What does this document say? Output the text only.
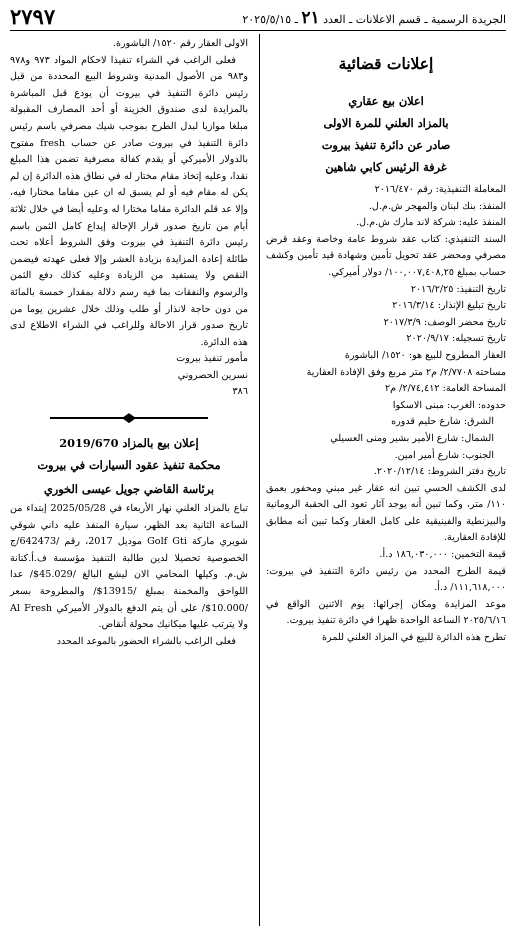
الجريدة الرسمية ـ قسم الاعلانات ـ العدد ٢١ ـ ٢٠٢٥/٥/١٥
٢٧٩٧
إعلانات قضائية
اعلان بيع عقاري
بالمزاد العلني للمرة الاولى
صادر عن دائرة تنفيذ بيروت
غرفة الرئيس كابي شاهين

المعاملة التنفيذية: رقم ٢٠١٦/٤٧٠

المنفذ: بنك لبنان والمهجر ش.م.ل.

المنفذ عليه: شركة لاند مارك ش.م.ل.

السند التنفيذي: كتاب عقد شروط عامة وخاصة وعقد قرض مصرفي ومحضر عقد تحويل تأمين وشهادة قيد تأمين وكشف حساب بمبلغ ١٠٠,٠٠٧,٤٠٨,٢٥/ دولار أميركي.

تاريخ التنفيذ: ٢٠١٦/٢/٢٥

تاريخ تبليغ الإنذار: ٢٠١٦/٣/١٤

تاريخ محضر الوصف: ٢٠١٧/٣/٩

تاريخ تسجيله: ٢٠٢٠/٩/١٧

العقار المطروح للبيع هو: ١٥٢٠/ الباشورة

مساحته ٢/٧٧٠٨/ م٢ متر مربع وفق الإفادة العقارية

المساحة العامة: ٢/٧٤,٤١٢/ م٢

حدوده: الغرب: مبنى الاسكوا

الشرق: شارع حليم قدوره

الشمال: شارع الأمير بشير ومنى العسيلي

الجنوب: شارع أمير امين.

تاريخ دفتر الشروط: ٢٠٢٠/١٢/١٤.

لدى الكشف الحسي تبين انه عقار غير مبني ومحفور بعمق ١١٠/ متر، وكما تبين أنه يوجد آثار تعود الى الحقبة الرومانية والبيزنطية والفينيقية على كامل العقار وكما تبين أنه مطابق للإفادة العقارية.

قيمة التخمين: ١٨٦,٠٣٠,٠٠٠ د.أ.

قيمة الطرح المحدد من رئيس دائرة التنفيذ في بيروت: ١١١,٦١٨,٠٠٠/ د.أ.

موعد المزايدة ومكان إجرائها: يوم الاثنين الواقع في ٢٠٢٥/٦/١٦ الساعة الواحدة ظهرا في دائرة تنفيذ بيروت.

تطرح هذه الدائرة للبيع في المزاد العلني للمرة

الاولى العقار رقم ١٥٢٠/ الباشورة.

فعلى الراغب في الشراء تنفيذا لاحكام المواد ٩٧٣ و٩٧٨ و٩٨٣ من الأصول المدنية وشروط البيع المحددة من قبل رئيس دائرة التنفيذ في بيروت أن يودع قبل المباشرة بالمزايدة لدى صندوق الخزينة أو أحد المصارف المقبولة مبلغا موازيا لبدل الطرح بموجب شيك مصرفي باسم رئيس دائرة التنفيذ في بيروت صادر عن حساب fresh مفتوح بالدولار الأميركي أو يقدم كفالة مصرفية تضمن هذا المبلغ نقدا، وعليه إتخاذ مقام مختار له في نطاق هذه الدائرة إن لم يكن له مقام فيه أو لم يسبق له ان عين مقاما مختارا فيه، وإلا عد قلم الدائرة مقاما مختارا له وعليه أيضا في خلال ثلاثة أيام من تاريخ صدور قرار الإحالة إيداع كامل الثمن باسم رئيس دائرة التنفيذ في بيروت وفق الشروط أعلاه تحت طائلة إعادة المزايدة بزيادة العشر وإلا فعلى عهدته فيضمن النقص ولا يستفيد من الزيادة وعليه كذلك دفع الثمن والرسوم والنفقات بما فيه رسم دلالة بمقدار خمسة بالمائة من دون حاجة لانذار أو طلب وذلك خلال عشرين يوما من تاريخ صدور قرار الاحالة وللراغب في الشراء الاطلاع لدى هذه الدائرة.

مأمور تنفيذ بيروت

نسرين الحصروني

٣٨٦

إعلان بيع بالمزاد 2019/670
محكمة تنفيذ عقود السيارات في بيروت
برئاسة القاضي جويل عيسى الخوري

تباع بالمزاد العلني نهار الأربعاء في 2025/05/28 إبتداء من الساعة الثانية بعد الظهر، سيارة المنفذ عليه داني شوقي شويري ماركة Golf Gti موديل 2017، رقم /642473/ج الخصوصية تحصيلا لدين طالبة التنفيذ مؤسسة ف.أ.كتانة ش.م. وكيلها المحامي الان ليشع البالغ /45.029$/ عدا اللواحق والمخمنة بمبلغ /13915$/ والمطروحة بسعر /10.000$/ على أن يتم الدفع بالدولار الأميركي Al Fresh ولا يترتب عليها ميكانيك محولة أنقاض.

فعلى الراغب بالشراء الحضور بالموعد المحدد
